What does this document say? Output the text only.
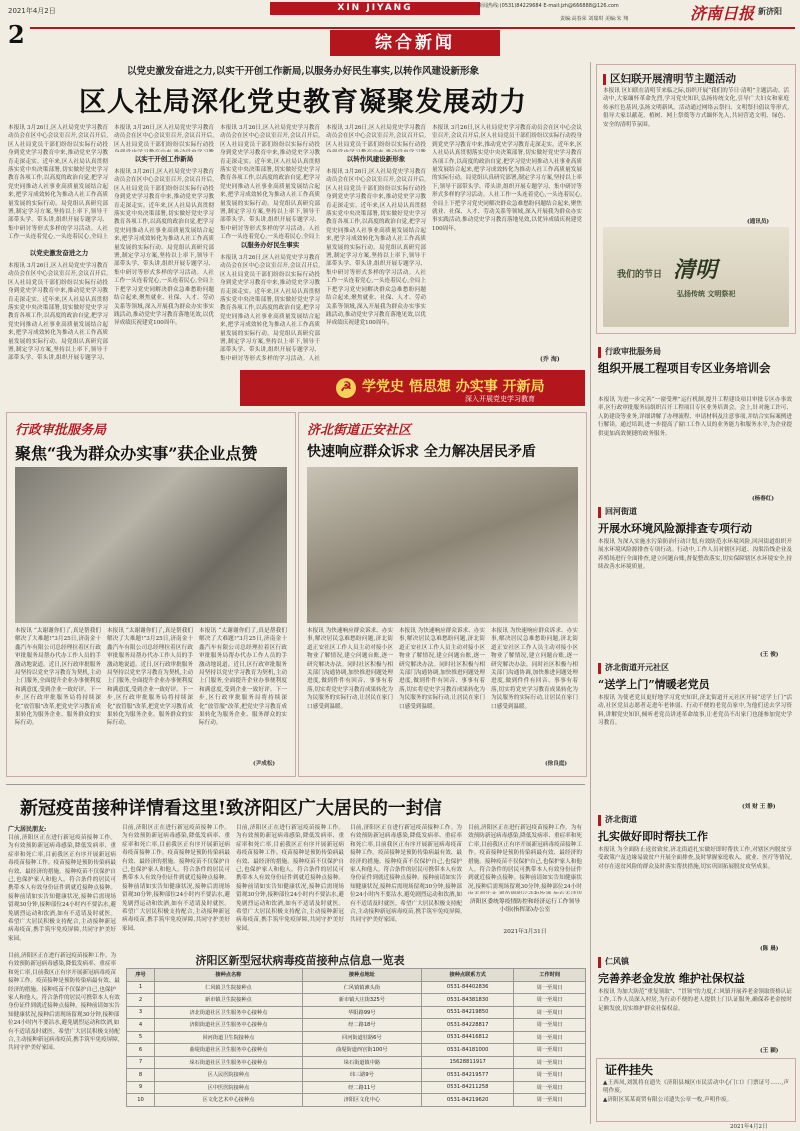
2021年4月2日	XIN JIYANG	新闻热线:(0531)84229684 E-mail:jzh@666888@126.com
责编:高春荣 刘瑞琪 美编:朱 翔	济南日报 新济阳
2	综合新闻
以党史激发奋进之力,以实干开创工作新局,以服务办好民生事实,以转作风建设新形象
区人社局深化党史教育凝聚发展动力
本报讯 3月26日,区人社局党史学习教育动员会在区中心会议室召开,会议召开后,区人社局党员干部们纷纷以实际行动投身到党史学习教育中来,推动党史学习教育走深走实。近年来,区人社局认真贯彻落实党中央决策部署,切实做好党史学习教育各项工作,以高度的政治自觉,把学习党史同推动人社事业高质量发展结合起来,把学习成效转化为推动人社工作高质量发展的实际行动。局党组认真研究部署,制定学习方案,坚持以上率下,领导干部带头学、带头讲,组织开展专题学习、集中研讨等形式多样的学习活动。人社工作一头连着党心,一头连着民心,全局上
以党史激发奋进之力
本报讯 3月26日,区人社局党史学习教育动员会在区中心会议室召开,会议召开后,区人社局党员干部们纷纷以实际行动投身到党史学习教育中来,推动党史学习教育走深走实。近年来,区人社局认真贯彻落实党中央决策部署,切实做好党史学习教育各项工作,以高度的政治自觉,把学习党史同推动人社事业高质量发展结合起来,把学习成效转化为推动人社工作高质量发展的实际行动。局党组认真研究部署,制定学习方案,坚持以上率下,领导干部带头学、带头讲,组织开展专题学习、
本报讯 3月26日,区人社局党史学习教育动员会在区中心会议室召开,会议召开后,区人社局党员干部们纷纷以实际行动投
以实干开创工作新局
本报讯 3月26日,区人社局党史学习教育动员会在区中心会议室召开,会议召开后,区人社局党员干部们纷纷以实际行动投身到党史学习教育中来,推动党史学习教育走深走实。近年来,区人社局认真贯彻落实党中央决策部署,切实做好党史学习教育各项工作,以高度的政治自觉,把学习党史同推动人社事业高质量发展结合起来,把学习成效转化为推动人社工作高质量发展的实际行动。局党组认真研究部署,制定学习方案,坚持以上率下,领导干部带头学、带头讲,组织开展专题学习、集中研讨等形式多样的学习活动。人社工作一头连着党心,一头连着民心,全局上下把学习党史同解决群众急难愁盼问题结合起来,聚焦就业、社保、人才、劳动关系等领域,深入开展我为群众办实事实践活动,推动党史学习教育落地见效,以优异成绩庆祝建党100周年。
本报讯 3月26日,区人社局党史学习教育动员会在区中心会议室召开,会议召开后,区人社局党员干部们纷纷以实际行动投身到党史学习教育中来,推动党史学习教育走深走实。近年来,区人社局认真贯彻落实党中央决策部署,切实做好党史学习教育各项工作,以高度的政治自觉,把学习党史同推动人社事业高质量发展结合起来,把学习成效转化为推动人社工作高质量发展的实际行动。局党组认真研究部署,制定学习方案,坚持以上率下,领导干部带头学、带头讲,组织开展专题学习、集中研讨等形式多样的学习活动。人社工作一头连着党心,一头连着民心,全局上
以服务办好民生事实
本报讯 3月26日,区人社局党史学习教育动员会在区中心会议室召开,会议召开后,区人社局党员干部们纷纷以实际行动投身到党史学习教育中来,推动党史学习教育走深走实。近年来,区人社局认真贯彻落实党中央决策部署,切实做好党史学习教育各项工作,以高度的政治自觉,把学习党史同推动人社事业高质量发展结合起来,把学习成效转化为推动人社工作高质量发展的实际行动。局党组认真研究部署,制定学习方案,坚持以上率下,领导干部带头学、带头讲,组织开展专题学习、集中研讨等形式多样的学习活动。人社
本报讯 3月26日,区人社局党史学习教育动员会在区中心会议室召开,会议召开后,区人社局党员干部们纷纷以实际行动投
以转作风建设新形象
本报讯 3月26日,区人社局党史学习教育动员会在区中心会议室召开,会议召开后,区人社局党员干部们纷纷以实际行动投身到党史学习教育中来,推动党史学习教育走深走实。近年来,区人社局认真贯彻落实党中央决策部署,切实做好党史学习教育各项工作,以高度的政治自觉,把学习党史同推动人社事业高质量发展结合起来,把学习成效转化为推动人社工作高质量发展的实际行动。局党组认真研究部署,制定学习方案,坚持以上率下,领导干部带头学、带头讲,组织开展专题学习、集中研讨等形式多样的学习活动。人社工作一头连着党心,一头连着民心,全局上下把学习党史同解决群众急难愁盼问题结合起来,聚焦就业、社保、人才、劳动关系等领域,深入开展我为群众办实事实践活动,推动党史学习教育落地见效,以优异成绩庆祝建党100周年。
本报讯 3月26日,区人社局党史学习教育动员会在区中心会议室召开,会议召开后,区人社局党员干部们纷纷以实际行动投身到党史学习教育中来,推动党史学习教育走深走实。近年来,区人社局认真贯彻落实党中央决策部署,切实做好党史学习教育各项工作,以高度的政治自觉,把学习党史同推动人社事业高质量发展结合起来,把学习成效转化为推动人社工作高质量发展的实际行动。局党组认真研究部署,制定学习方案,坚持以上率下,领导干部带头学、带头讲,组织开展专题学习、集中研讨等形式多样的学习活动。人社工作一头连着党心,一头连着民心,全局上下把学习党史同解决群众急难愁盼问题结合起来,聚焦就业、社保、人才、劳动关系等领域,深入开展我为群众办实事实践活动,推动党史学习教育落地见效,以优异成绩庆祝建党100周年。
(乔 海)
☭ 学党史 悟思想 办实事 开新局
深入开展党史学习教育
行政审批服务局
聚焦“我为群众办实事”获企业点赞
本报讯 “太谢谢你们了,真是帮我们解决了大难题!”3月25日,济南金十鑫汽车有限公司总经理拉着区行政审批服务局帮办代办工作人员的手激动地说道。近日,区行政审批服务局坚持以党史学习教育为契机,主动上门服务,全面提升企业办事便利度和满意度,受到企业一致好评。下一步,区行政审批服务局将持续深化“放管服”改革,把党史学习教育成果转化为服务企业、服务群众的实际行动。
本报讯 “太谢谢你们了,真是帮我们解决了大难题!”3月25日,济南金十鑫汽车有限公司总经理拉着区行政审批服务局帮办代办工作人员的手激动地说道。近日,区行政审批服务局坚持以党史学习教育为契机,主动上门服务,全面提升企业办事便利度和满意度,受到企业一致好评。下一步,区行政审批服务局将持续深化“放管服”改革,把党史学习教育成果转化为服务企业、服务群众的实际行动。
本报讯 “太谢谢你们了,真是帮我们解决了大难题!”3月25日,济南金十鑫汽车有限公司总经理拉着区行政审批服务局帮办代办工作人员的手激动地说道。近日,区行政审批服务局坚持以党史学习教育为契机,主动上门服务,全面提升企业办事便利度和满意度,受到企业一致好评。下一步,区行政审批服务局将持续深化“放管服”改革,把党史学习教育成果转化为服务企业、服务群众的实际行动。
(尹成松)
济北街道正安社区
快速响应群众诉求 全力解决居民矛盾
本报讯 为快速响应群众诉求、办实事,解决居民急难愁盼问题,济北街道正安社区工作人员主动对接小区物业了解情况,建立问题台账,逐一研究解决办法。同时社区积极与相关部门沟通协调,加快推进问题处理进度,做到件件有回音、事事有着落,切实将党史学习教育成果转化为为民服务的实际行动,让居民在家门口感受到温暖。
本报讯 为快速响应群众诉求、办实事,解决居民急难愁盼问题,济北街道正安社区工作人员主动对接小区物业了解情况,建立问题台账,逐一研究解决办法。同时社区积极与相关部门沟通协调,加快推进问题处理进度,做到件件有回音、事事有着落,切实将党史学习教育成果转化为为民服务的实际行动,让居民在家门口感受到温暖。
本报讯 为快速响应群众诉求、办实事,解决居民急难愁盼问题,济北街道正安社区工作人员主动对接小区物业了解情况,建立问题台账,逐一研究解决办法。同时社区积极与相关部门沟通协调,加快推进问题处理进度,做到件件有回音、事事有着落,切实将党史学习教育成果转化为为民服务的实际行动,让居民在家门口感受到温暖。
(徐良庭)
新冠疫苗接种详情看这里!致济阳区广大居民的一封信
广大居民朋友:
目前,济阳区正在进行新冠疫苗接种工作。为有效预防新冠病毒感染,降低发病率、重症率和死亡率,目前我区正有序开展新冠病毒疫苗接种工作。疫苗接种是预防传染病最有效、最经济的措施。接种疫苗不仅保护自己,也保护家人和他人。符合条件的居民可携带本人有效身份证件到就近接种点接种。接种前请如实告知健康状况,接种后需现场留观30分钟,接种部位24小时内不要沾水,避免剧烈运动和饮酒,如有不适请及时就医。希望广大居民积极支持配合,主动接种新冠病毒疫苗,携手筑牢免疫屏障,共同守护美好家园。
目前,济阳区正在进行新冠疫苗接种工作。为有效预防新冠病毒感染,降低发病率、重症率和死亡率,目前我区正有序开展新冠病毒疫苗接种工作。疫苗接种是预防传染病最有效、最经济的措施。接种疫苗不仅保护自己,也保护家人和他人。符合条件的居民可携带本人有效身份证件到就近接种点接种。接种前请如实告知健康状况,接种后需现场留观30分钟,接种部位24小时内不要沾水,避免剧烈运动和饮酒,如有不适请及时就医。希望广大居民积极支持配合,主动接种新冠病毒疫苗,携手筑牢免疫屏障,共同守护美好家园。
目前,济阳区正在进行新冠疫苗接种工作。为有效预防新冠病毒感染,降低发病率、重症率和死亡率,目前我区正有序开展新冠病毒疫苗接种工作。疫苗接种是预防传染病最有效、最经济的措施。接种疫苗不仅保护自己,也保护家人和他人。符合条件的居民可携带本人有效身份证件到就近接种点接种。接种前请如实告知健康状况,接种后需现场留观30分钟,接种部位24小时内不要沾水,避免剧烈运动和饮酒,如有不适请及时就医。希望广大居民积极支持配合,主动接种新冠病毒疫苗,携手筑牢免疫屏障,共同守护美好家园。
目前,济阳区正在进行新冠疫苗接种工作。为有效预防新冠病毒感染,降低发病率、重症率和死亡率,目前我区正有序开展新冠病毒疫苗接种工作。疫苗接种是预防传染病最有效、最经济的措施。接种疫苗不仅保护自己,也保护家人和他人。符合条件的居民可携带本人有效身份证件到就近接种点接种。接种前请如实告知健康状况,接种后需现场留观30分钟,接种部位24小时内不要沾水,避免剧烈运动和饮酒,如有不适请及时就医。希望广大居民积极支持配合,主动接种新冠病毒疫苗,携手筑牢免疫屏障,共同守护美好家园。
目前,济阳区正在进行新冠疫苗接种工作。为有效预防新冠病毒感染,降低发病率、重症率和死亡率,目前我区正有序开展新冠病毒疫苗接种工作。疫苗接种是预防传染病最有效、最经济的措施。接种疫苗不仅保护自己,也保护家人和他人。符合条件的居民可携带本人有效身份证件到就近接种点接种。接种前请如实告知健康状况,接种后需现场留观30分钟,接种部位24小时
济阳区委统筹疫情防控和经济运行工作领导小组(指挥部)办公室
2021年3月31日
济阳区新型冠状病毒疫苗接种点信息一览表
序号	接种点名称	接种点地址	接种点联系方式	工作时间
1	仁风镇卫生院接种点	仁风镇镇滩头街	0531-84402836	周一至周日
2	新市镇卫生院接种点	新市镇大庄街325号	0531-84381830	周一至周日
3	济北街道社区卫生服务中心接种点	华阳路99号	0531-84219850	周一至周日
4	济阳街道社区卫生服务中心接种点	经二路18号	0531-84228817	周一至周日
5	回河街道卫生院接种点	回河街道驻路6号	0531-84416812	周一至周日
6	曲堤街道社区卫生服务中心接种点	曲堤街道西宫街100号	0531-84181000	周一至周日
7	垛石街道社区卫生服务中心接种点	垛石街道镇中路	15628811917	周一至周日
8	区人民医院接种点	纬三路9号	0531-84219577	周一至周日
9	区中医医院接种点	经二路11号	0531-84211258	周一至周日
10	区文化艺术中心接种点	济阳区文化中心	0531-84219620	周一至周日
目前,济阳区正在进行新冠疫苗接种工作。为有效预防新冠病毒感染,降低发病率、重症率和死亡率,目前我区正有序开展新冠病毒疫苗接种工作。疫苗接种是预防传染病最有效、最经济的措施。接种疫苗不仅保护自己,也保护家人和他人。符合条件的居民可携带本人有效身份证件到就近接种点接种。接种前请如实告知健康状况,接种后需现场留观30分钟,接种部位24小时内不要沾水,避免剧烈运动和饮酒,如有不适请及时就医。希望广大居民积极支持配合,主动接种新冠病毒疫苗,携手筑牢免疫屏障,共同守护美好家园。
区妇联开展清明节主题活动
本报讯 区妇联在清明节来临之际,组织开展“我们的节日·清明”主题活动。活动中,大家缅怀革命先烈,学习党史知识,弘扬传统文化,引导广大妇女和家庭传承红色基因,弘扬文明新风。活动通过网络云祭扫、文明祭扫倡议等形式,倡导大家以献花、植树、网上祭奠等方式缅怀先人,共同营造文明、绿色、安全的清明节氛围。
(通讯员)
我们的节日 清明
弘扬传统 文明祭祀
行政审批服务局
组织开展工程项目专区业务培训会
本报讯 为进一步完善“一窗受理”运行机制,提升工程建设项目审批专区办事效率,区行政审批服务局组织召开工程项目专区业务培训会。会上,针对施工许可、人防建设等业务,详细讲解了办理流程、申请材料及注意事项,并结合实际案例进行解读。通过培训,进一步提高了窗口工作人员的业务能力和服务水平,为企业提供更加高效便捷的政务服务。
(杨春红)
回河街道
开展水环境风险源排查专项行动
本报讯 为深入实施水污染防治行动计划,有效防范水环境风险,回河街道组织开展水环境风险源排查专项行动。行动中,工作人员对辖区河道、沟渠沿线企业及养殖场进行全面排查,建立问题台账,督促整改落实,切实保障辖区水环境安全,持续改善水环境质量。
(王 俊)
济北街道开元社区
“送学上门”情暖老党员
本报讯 为使老党员更好地学习党史知识,济北街道开元社区开展“送学上门”活动,社区党员志愿者走进年老体弱、行动不便的老党员家中,为他们送去学习资料,讲解党史知识,倾听老党员讲述革命故事,让老党员不出家门也能参加党史学习教育。
(刘 财 王 静)
济北街道
扎实做好即时帮扶工作
本报讯 为全面防止返贫致贫,济北街道扎实做好即时帮扶工作,对辖区内脱贫享受政策户及边缘易致贫户开展全面排查,及时掌握家庭收入、就业、医疗等情况,对存在返贫风险的群众及时落实帮扶措施,切实巩固拓展脱贫攻坚成果。
(陈 晨)
仁风镇
完善养老金发放 维护社保权益
本报讯 为加大防范“重复领取”、“冒领”的力度,仁风镇开展养老金领取资格认证工作,工作人员深入村居,为行动不便的老人提供上门认证服务,确保养老金按时足额发放,切实维护群众社保权益。
(王 颖)
证件挂失
▲王西凤,刘凯将在遗失《济阳县城区市民活动中心门口》门票证号……,声明作废。
▲济阳区某某商贸有限公司遗失公章一枚,声明作废。
2021年4月2日
